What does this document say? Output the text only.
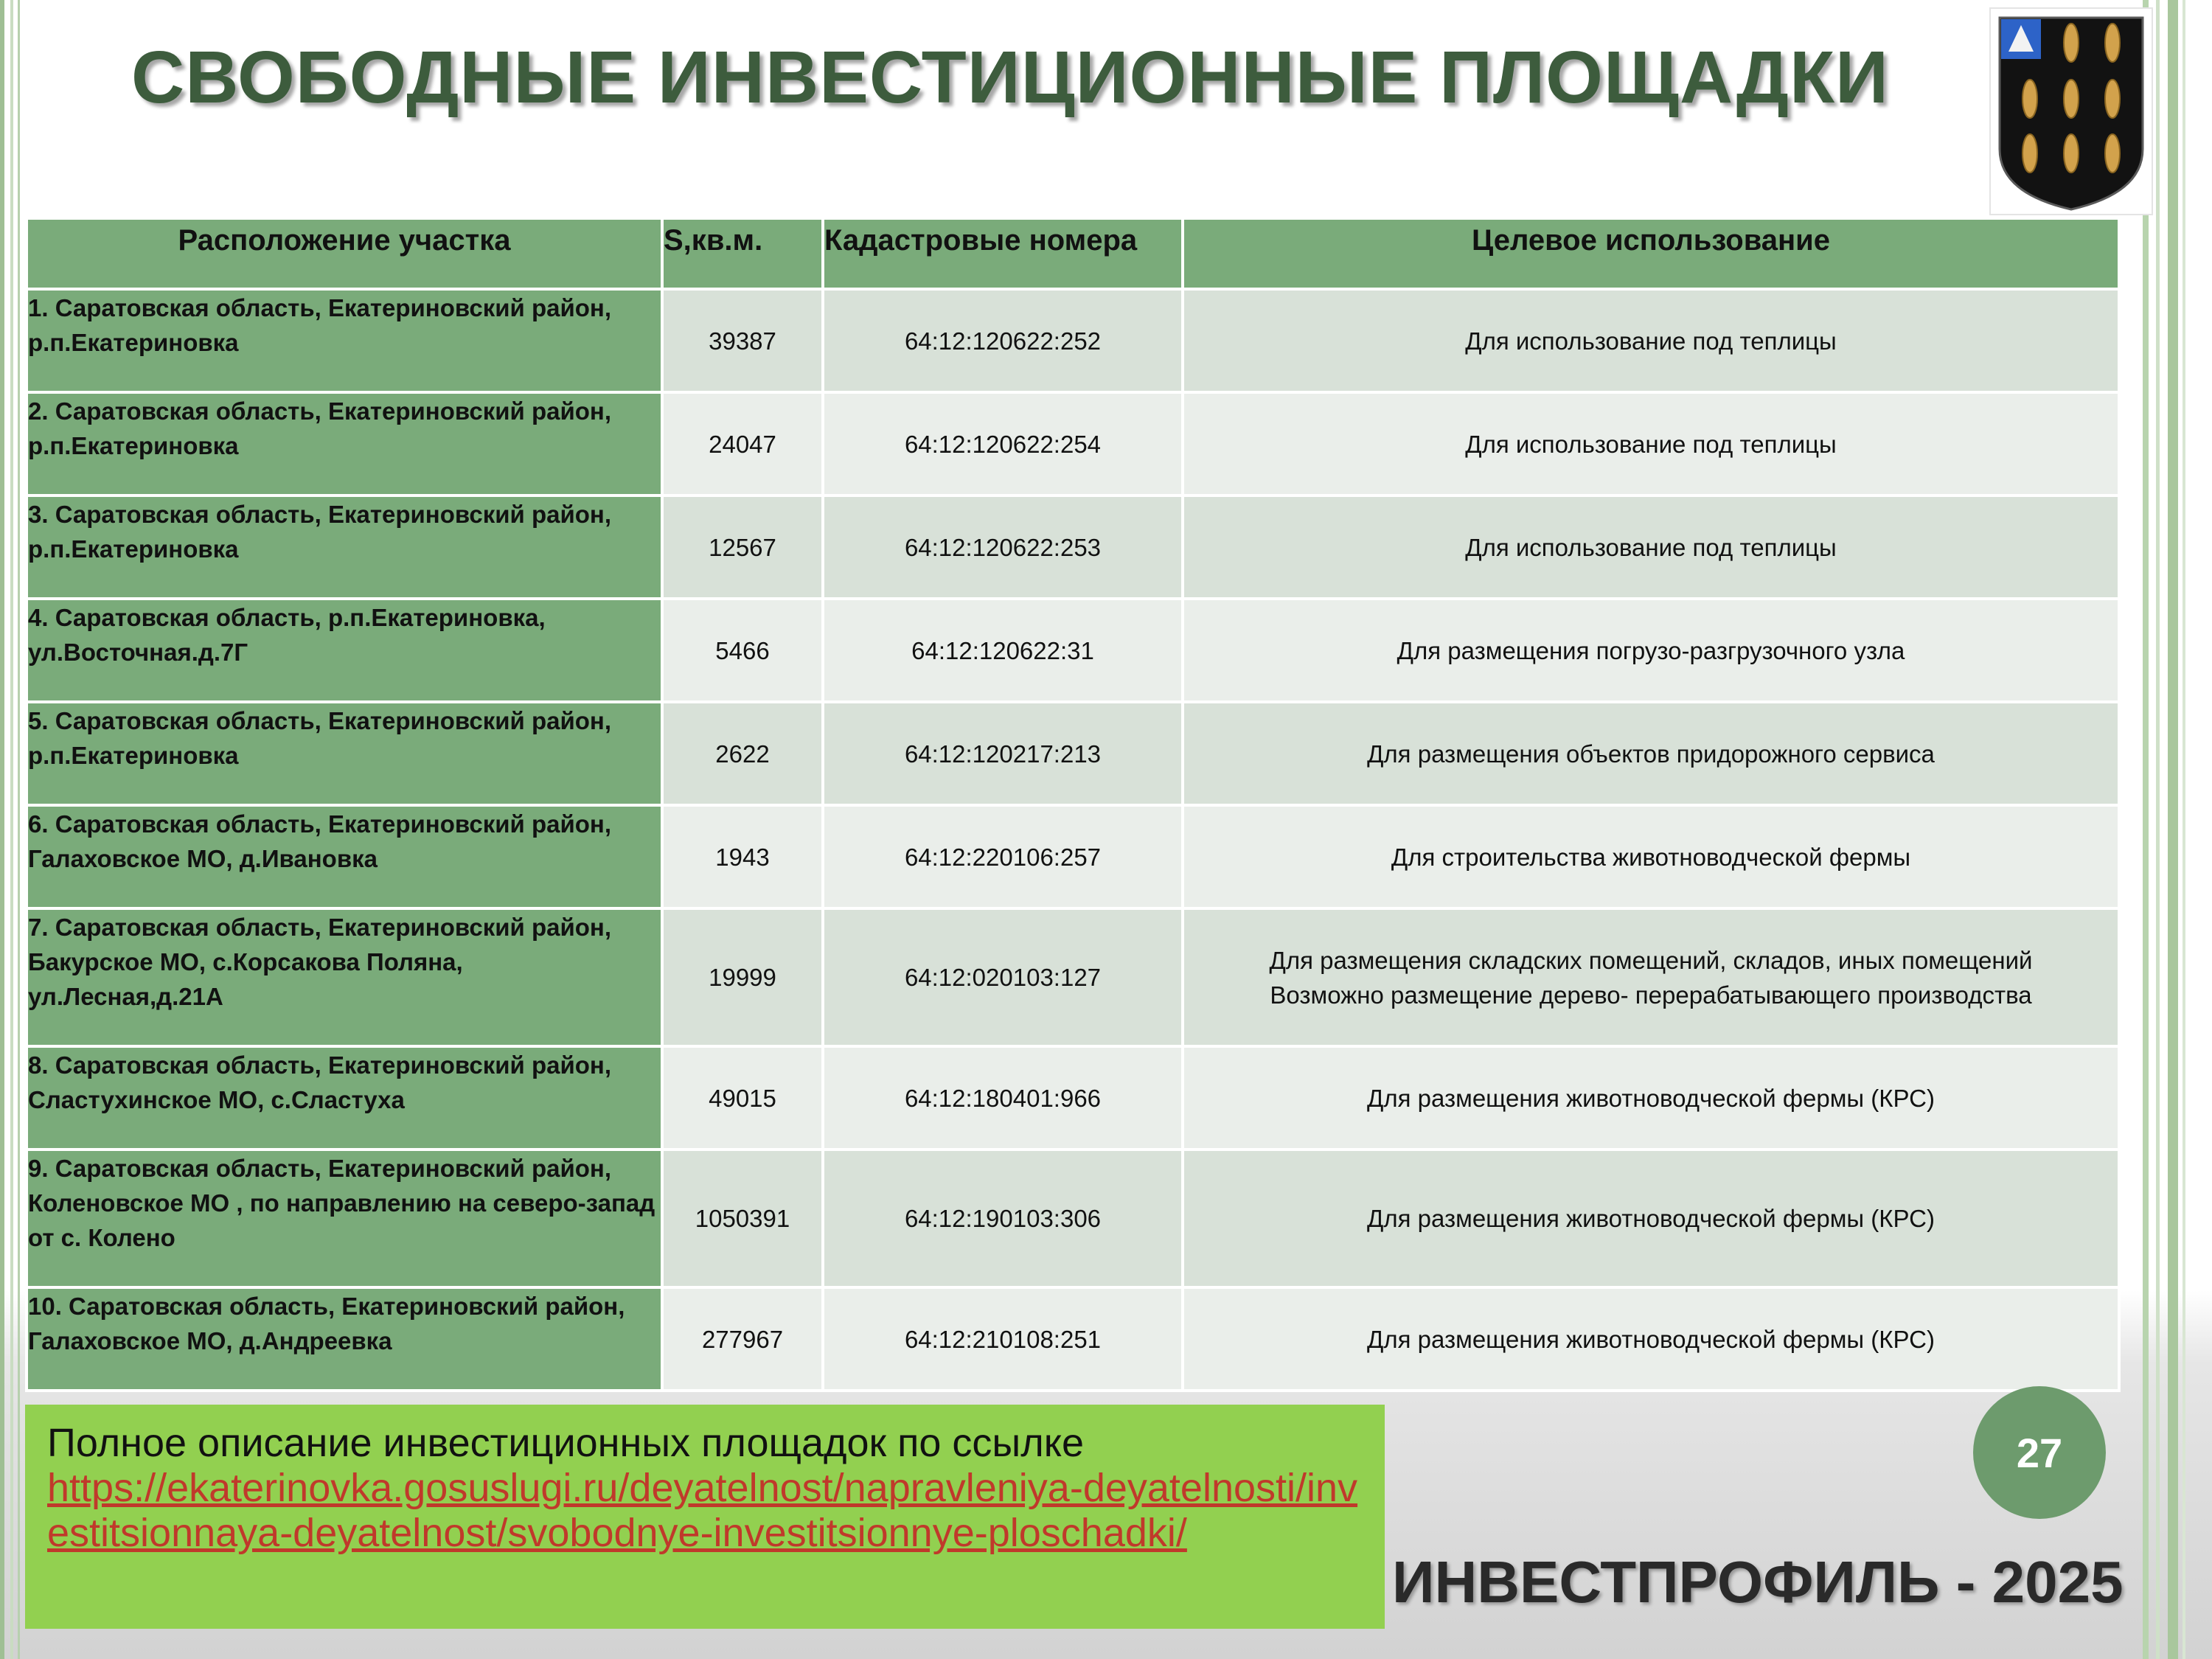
СВОБОДНЫЕ ИНВЕСТИЦИОННЫЕ ПЛОЩАДКИ
Расположение участка	S,кв.м.	Кадастровые номера	Целевое использование
1. Саратовская область, Екатериновский район, р.п.Екатериновка	39387	64:12:120622:252	Для использование под теплицы
2. Саратовская область, Екатериновский район, р.п.Екатериновка	24047	64:12:120622:254	Для использование под теплицы
3. Саратовская область, Екатериновский район, р.п.Екатериновка	12567	64:12:120622:253	Для использование под теплицы
4. Саратовская область, р.п.Екатериновка, ул.Восточная.д.7Г	5466	64:12:120622:31	Для размещения погрузо-разгрузочного узла
5. Саратовская область, Екатериновский район, р.п.Екатериновка	2622	64:12:120217:213	Для размещения объектов придорожного сервиса
6. Саратовская область, Екатериновский район, Галаховское МО, д.Ивановка	1943	64:12:220106:257	Для строительства животноводческой фермы
7. Саратовская область, Екатериновский район, Бакурское МО, с.Корсакова Поляна, ул.Лесная,д.21А	19999	64:12:020103:127	Для размещения складских помещений, складов, иных помещений Возможно размещение дерево- перерабатывающего производства
8. Саратовская область, Екатериновский район, Сластухинское МО, с.Сластуха	49015	64:12:180401:966	Для размещения животноводческой фермы (КРС)
9. Саратовская область, Екатериновский район, Коленовское МО , по направлению на северо-запад от с. Колено	1050391	64:12:190103:306	Для размещения животноводческой фермы (КРС)
10. Саратовская область, Екатериновский район, Галаховское МО, д.Андреевка	277967	64:12:210108:251	Для размещения животноводческой фермы (КРС)
Полное описание инвестиционных площадок по ссылке
https://ekaterinovka.gosuslugi.ru/deyatelnost/napravleniya-deyatelnosti/investitsionnaya-deyatelnost/svobodnye-investitsionnye-ploschadki/
27
ИНВЕСТПРОФИЛЬ - 2025
